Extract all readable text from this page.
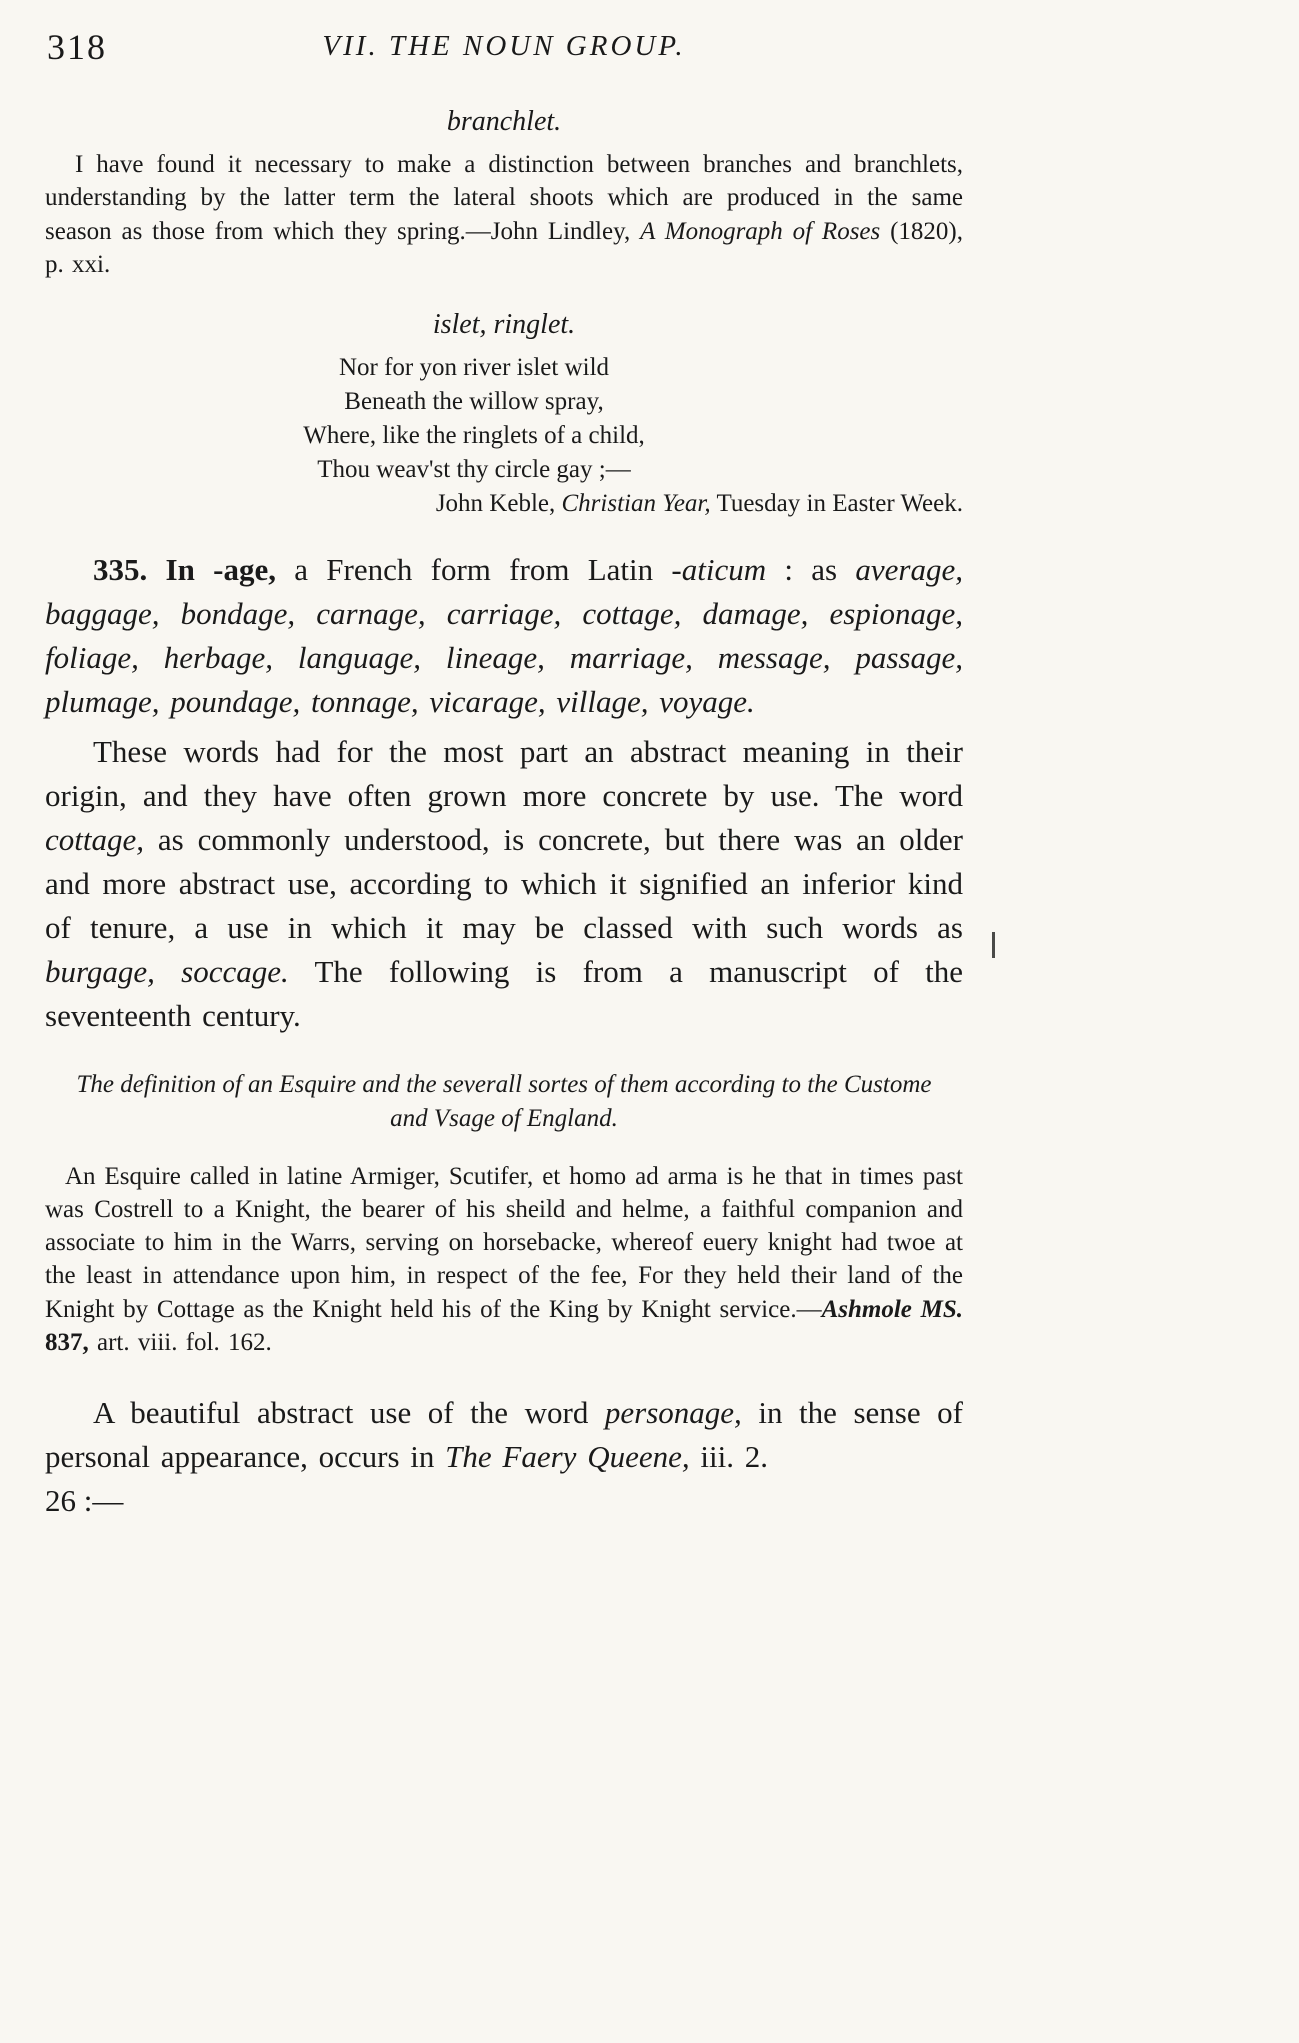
318	VII. THE NOUN GROUP.
branchlet.
I have found it necessary to make a distinction between branches and branchlets, understanding by the latter term the lateral shoots which are produced in the same season as those from which they spring.—John Lindley, A Monograph of Roses (1820), p. xxi.
islet, ringlet.
Nor for yon river islet wild
Beneath the willow spray,
Where, like the ringlets of a child,
Thou weav'st thy circle gay ;—
John Keble, Christian Year, Tuesday in Easter Week.
335. In -age, a French form from Latin -aticum : as average, baggage, bondage, carnage, carriage, cottage, damage, espionage, foliage, herbage, language, lineage, marriage, message, passage, plumage, poundage, tonnage, vicarage, village, voyage.
These words had for the most part an abstract meaning in their origin, and they have often grown more concrete by use. The word cottage, as commonly understood, is concrete, but there was an older and more abstract use, according to which it signified an inferior kind of tenure, a use in which it may be classed with such words as burgage, soccage. The following is from a manuscript of the seventeenth century.
The definition of an Esquire and the severall sortes of them according to the Custome and Vsage of England.
An Esquire called in latine Armiger, Scutifer, et homo ad arma is he that in times past was Costrell to a Knight, the bearer of his sheild and helme, a faithful companion and associate to him in the Warrs, serving on horsebacke, whereof euery knight had twoe at the least in attendance upon him, in respect of the fee, For they held their land of the Knight by Cottage as the Knight held his of the King by Knight service.—Ashmole MS. 837, art. viii. fol. 162.
A beautiful abstract use of the word personage, in the sense of personal appearance, occurs in The Faery Queene, iii. 2.
26 :—
